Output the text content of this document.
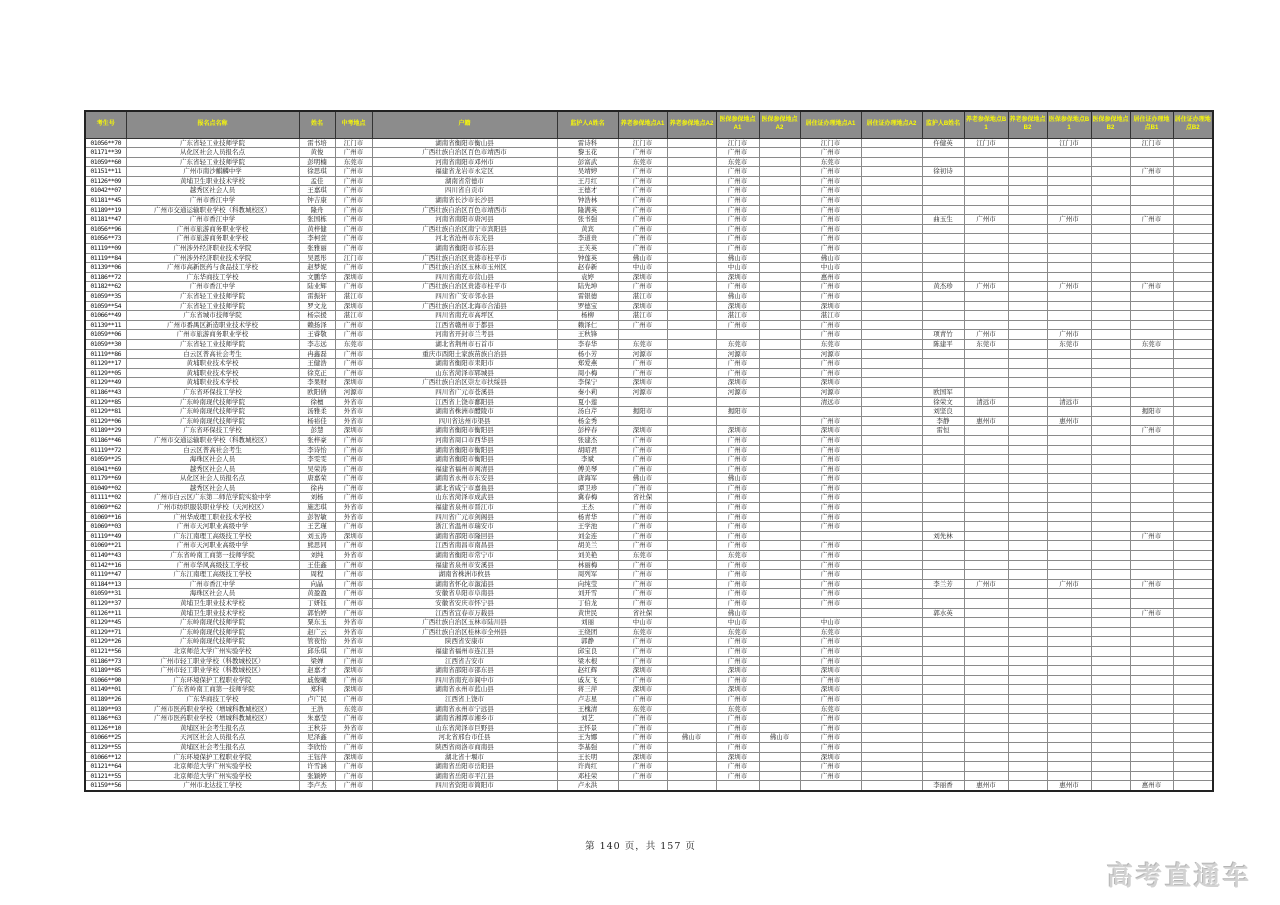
考生号	报名点名称	姓名	中考地点	户籍	监护人A姓名	养老参保地点A1	养老参保地点A2	医保参保地点A1	医保参保地点A2	居住证办理地点A1	居住证办理地点A2	监护人B姓名	养老参保地点B1	养老参保地点B2	医保参保地点B1	医保参保地点B2	居住证办理地点B1	居住证办理地点B2
01056**70	广东省轻工业技师学院	雷书培	江门市	湖南省衡阳市衡山县	雷诗科	江门市		江门市		江门市		仵健英	江门市		江门市		江门市	
01171**39	从化区社会人员报名点	黄俊	广州市	广西壮族自治区百色市靖西市	黎玉花	广州市		广州市		广州市								
01059**60	广东省轻工业技师学院	彭明楠	东莞市	河南省南阳市邓州市	彭富武	东莞市		东莞市		东莞市								
01151**11	广州市南沙麒麟中学	徐思琪	广州市	福建省龙岩市永定区	吴靖婷	广州市		广州市		广州市		徐初诗					广州市	
01126**09	黄埔卫生职业技术学校	孟佳	广州市	湖南省常德市	王月红	广州市		广州市		广州市								
01042**07	越秀区社会人员	王嘉琪	广州市	四川省自贡市	王德才	广州市		广州市		广州市								
01181**45	广州市香江中学	钟吉康	广州市	湖南省长沙市长沙县	钟浩林	广州市		广州市		广州市								
01189**19	广州市交通运输职业学校（科教城校区）	隆舟	广州市	广西壮族自治区百色市靖西市	隆满英	广州市		广州市		广州市								
01181**47	广州市香江中学	张国栋	广州市	河南省南阳市唐河县	张书强	广州市		广州市		广州市		曲玉生	广州市		广州市		广州市	
01056**96	广州市旅游商务职业学校	黄梓健	广州市	广西壮族自治区南宁市宾阳县	黄宾	广州市		广州市		广州市								
01056**73	广州市旅游商务职业学校	李柯萱	广州市	河北省沧州市东光县	李道贵	广州市		广州市		广州市								
01119**09	广州涉外经济职业技术学院	张雅丽	广州市	湖南省衡阳市祁东县	王芙英	广州市		广州市		广州市								
01119**84	广州涉外经济职业技术学院	吴恩彤	江门市	广西壮族自治区贵港市桂平市	钟莲英	佛山市		佛山市		佛山市								
01139**06	广州市高新医药与食品技工学校	赵梦妮	广州市	广西壮族自治区玉林市玉州区	赵春新	中山市		中山市		中山市								
01186**72	广东华商技工学校	文鹏华	深圳市	四川省南充市营山县	袁婷	深圳市		深圳市		惠州市								
01182**62	广州市香江中学	陆业辉	广州市	广西壮族自治区贵港市桂平市	陆先坤	广州市		广州市		广州市		黄杰珍	广州市		广州市		广州市	
01059**35	广东省轻工业技师学院	雷振轩	湛江市	四川省广安市邻水县	雷银德	湛江市		佛山市		广州市								
01059**54	广东省轻工业技师学院	罗文龙	深圳市	广西壮族自治区北海市合浦县	罗德宝	深圳市		深圳市		深圳市								
01066**49	广东省城市技师学院	杨宗援	湛江市	四川省南充市高坪区	杨柳	湛江市		湛江市		湛江市								
01139**11	广州市番禺区新造职业技术学校	赖扬泽	广州市	江西省赣州市于都县	赖泽仁	广州市		广州市		广州市								
01059**06	广州市旅游商务职业学校	王睿敬	广州市	河南省开封市兰考县	王秋锋					广州市		项青竹	广州市		广州市			
01059**30	广东省轻工业技师学院	李志远	东莞市	湖北省荆州市石首市	李春华	东莞市		东莞市		东莞市		陈建平	东莞市		东莞市		东莞市	
01119**86	白云区普高社会考生	冉鑫磊	广州市	重庆市酉阳土家族苗族自治县	杨小芳	河源市		河源市		河源市								
01129**17	黄埔职业技术学校	王健浩	广州市	湖南省衡阳市耒阳市	郑爱燕	广州市		广州市		广州市								
01129**05	黄埔职业技术学校	徐克正	广州市	山东省菏泽市郓城县	周小梅	广州市		广州市		广州市								
01129**49	黄埔职业技术学校	李果财	深圳市	广西壮族自治区崇左市扶绥县	李保宁	深圳市		深圳市		深圳市								
01186**43	广东省环保技工学校	欧阳倩	河源市	四川省广元市苍溪县	秦小莉	河源市		河源市		河源市		欧国军						
01129**85	广东岭南现代技师学院	徐檀	外省市	江西省上饶市鄱阳县	夏小莲					清远市		徐荣文	清远市		清远市			
01129**81	广东岭南现代技师学院	汤雅柔	外省市	湖南省株洲市醴陵市	汤白芹	揭阳市		揭阳市				刘坚良					揭阳市	
01129**06	广东岭南现代技师学院	杨裕佳	外省市	四川省达州市渠县	杨金秀					广州市		李静	惠州市		惠州市			
01189**29	广东省环保技工学校	彭慧	深圳市	湖南省衡阳市衡阳县	彭梓春	深圳市		深圳市		深圳市		雷恒					广州市	
01186**46	广州市交通运输职业学校（科教城校区）	张梓豪	广州市	河南省周口市西华县	张建杰	广州市		广州市		广州市								
01119**72	白云区普高社会考生	李诗怡	广州市	湖南省衡阳市衡阳县	胡昭君	广州市		广州市		广州市								
01059**25	海珠区社会人员	李雯雯	广州市	湖南省衡阳市衡阳县	李斌	广州市		广州市		广州市								
01041**69	越秀区社会人员	吴荣涛	广州市	福建省福州市闽清县	傅美琴	广州市		广州市		广州市								
01179**69	从化区社会人员报名点	唐嘉荣	广州市	湖南省永州市东安县	唐海军	佛山市		佛山市		广州市								
01049**02	越秀区社会人员	徐冉	广州市	湖北省咸宁市嘉鱼县	谭卫珍	广州市		广州市		广州市								
01111**02	广州市白云区广东第二师范学院实验中学	刘杨	广州市	山东省菏泽市成武县	冀春梅	省社保		广州市		广州市								
01069**62	广州市纺织服装职业学校（天河校区）	施恋琪	外省市	福建省泉州市晋江市	王杰	广州市		广州市		广州市								
01069**16	广州华成理工职业技术学校	彭智敏	外省市	四川省广元市剑阁县	杨青华	广州市		广州市		广州市								
01069**03	广州市天河职业高级中学	王艺瑾	广州市	浙江省温州市瑞安市	王学池	广州市		广州市		广州市								
01119**49	广东江南理工高级技工学校	刘玉涛	深圳市	湖南省邵阳市隆回县	刘金连	广州市		广州市				刘先林					广州市	
01069**21	广州市天河职业高级中学	熊思同	广州市	江西省南昌市南昌县	胡美兰	广州市		广州市		广州市								
01149**43	广东省岭南工商第一技师学院	刘纯	外省市	湖南省衡阳市常宁市	刘美艳	东莞市		东莞市		广州市								
01142**16	广州市华风高级技工学校	王佳鑫	广州市	福建省泉州市安溪县	林丽梅	广州市		广州市		广州市								
01119**47	广东江南理工高级技工学校	周程	广州市	湖南省株洲市攸县	周列军	广州市		广州市		广州市								
01184**13	广州市香江中学	向晶	广州市	湖南省怀化市溆浦县	向纯莹	广州市		广州市		广州市		李兰芳	广州市		广州市		广州市	
01059**31	海珠区社会人员	黄盈盈	广州市	安徽省阜阳市阜南县	刘开雪	广州市		广州市		广州市								
01129**37	黄埔卫生职业技术学校	丁妍钰	广州市	安徽省安庆市怀宁县	丁伯龙	广州市		广州市		广州市								
01126**11	黄埔卫生职业技术学校	郭怡婷	广州市	江西省宜春市万载县	黄世民	省社保		佛山市				郭水英					广州市	
01129**45	广东岭南现代技师学院	粟东玉	外省市	广西壮族自治区玉林市陆川县	刘丽	中山市		中山市		中山市								
01129**71	广东岭南现代技师学院	赵广云	外省市	广西壮族自治区桂林市全州县	王绕团	东莞市		东莞市		东莞市								
01129**26	广东岭南现代技师学院	管夜怡	外省市	陕西省安康市	郭静	广州市		广州市		广州市								
01121**56	北京师范大学广州实验学校	邱乐琪	广州市	福建省福州市连江县	邱宝良	广州市		广州市		广州市								
01186**73	广州市轻工职业学校（科教城校区）	梁婵	广州市	江西省吉安市	梁木根	广州市		广州市		广州市								
01189**85	广州市轻工职业学校（科教城校区）	赵嘉才	深圳市	湖南省邵阳市邵东县	赵红辉	深圳市		深圳市		深圳市								
01066**90	广东环境保护工程职业学院	戚俊曦	广州市	四川省南充市阆中市	戚友飞	广州市		广州市		广州市								
01149**01	广东省岭南工商第一技师学院	郑科	深圳市	湖南省永州市蓝山县	蒋三萍	深圳市		深圳市		深圳市								
01189**26	广东华商技工学校	卢广民	广州市	江西省上饶市	卢志星	广州市		广州市		广州市								
01189**93	广州市医药职业学校（增城科教城校区）	王浩	东莞市	湖南省永州市宁远县	王槐清	东莞市		东莞市		东莞市								
01186**63	广州市医药职业学校（增城科教城校区）	朱嘉莹	广州市	湖南省湘潭市湘乡市	刘艺	广州市		广州市		广州市								
01126**10	黄埔区社会考生报名点	王秋芬	外省市	山东省菏泽市巨野县	王怀景	广州市		广州市		广州市								
01066**25	天河区社会人员报名点	尼泽鑫	广州市	河北省邢台市任县	王为娜	广州市	佛山市	广州市	佛山市	广州市								
01129**55	黄埔区社会考生报名点	李欣怡	广州市	陕西省商洛市商南县	李基强	广州市		广州市		广州市								
01066**12	广东环境保护工程职业学院	王钰萍	深圳市	湖北省十堰市	王长明	深圳市		深圳市		深圳市								
01121**64	北京师范大学广州实验学校	许雪涵	广州市	湖南省岳阳市岳阳县	许尚红	广州市		广州市		广州市								
01121**55	北京师范大学广州实验学校	张颖婷	广州市	湖南省岳阳市平江县	邓桂荣	广州市		广州市		广州市								
01159**56	广州市北达技工学校	李卢杰	广州市	四川省资阳市简阳市	卢永洪							李丽香	惠州市		惠州市		惠州市	
第 140 页，共 157 页
高考直通车
